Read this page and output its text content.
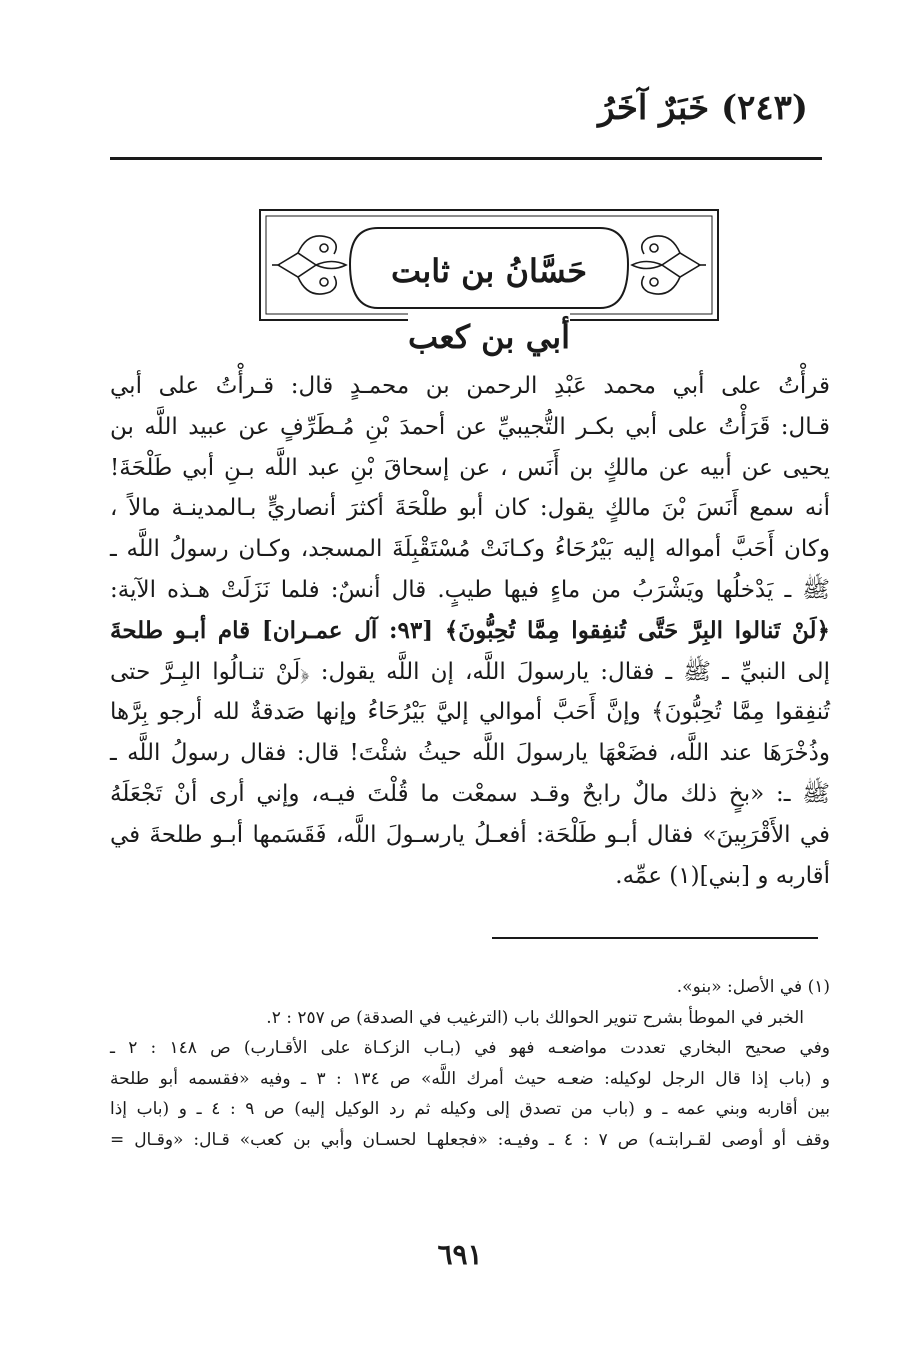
(٢٤٣) خَبَرٌ آخَرُ
حَسَّانُ بن ثابت
أبي بن كعب
قرأْتُ على أبي محمد عَبْدِ الرحمن بن محمـدٍ قال: قـرأْتُ على أبي
قـال: قَرَأْتُ على أبي بكـر التُّجيبيِّ عن أحمدَ بْنِ مُـطَرِّفٍ عن عبيد اللَّه بن
يحيى عن أبيه عن مالكٍ بن أَنَس ، عن إسحاقَ بْنِ عبد اللَّه بـنِ أبي طَلْحَةَ!
أنه سمع أَنَسَ بْنَ مالكٍ يقول: كان أبو طلْحَةَ أكثرَ أنصاريٍّ بـالمدينـة مالاً ،
وكان أَحَبَّ أمواله إليه بَيْرُحَاءُ وكـانَتْ مُسْتَقْبِلَةَ المسجد، وكـان رسولُ اللَّه ـ
ﷺ ـ يَدْخلُها ويَشْرَبُ من ماءٍ فيها طيبٍ. قال أنسٌ: فلما نَزَلَتْ هـذه الآية:
﴿لَنْ تَنالوا البِرَّ حَتَّى تُنفِقوا مِمَّا تُحِبُّونَ﴾ [٩٣: آل عمـران] قام أبـو طلحةَ
إلى النبيِّ ـ ﷺ ـ فقال: يارسولَ اللَّه، إن اللَّه يقول: ﴿لَنْ تنـالُوا البِـرَّ حتى
تُنفِقوا مِمَّا تُحِبُّونَ﴾ وإنَّ أَحَبَّ أموالي إليَّ بَيْرُحَاءُ وإنها صَدقةٌ لله أرجو بِرَّها
وذُخْرَهَا عند اللَّه، فضَعْهَا يارسولَ اللَّه حيثُ شئْتَ! قال: فقال رسولُ اللَّه ـ
ﷺ ـ: «بخٍ ذلك مالٌ رابحٌ وقـد سمعْت ما قُلْتَ فيـه، وإني أرى أنْ تَجْعَلَهُ
في الأَقْرَبِينَ» فقال أبـو طَلْحَة: أفعـلُ يارسـولَ اللَّه، فَقَسَمها أبـو طلحةَ في
أقاربه و [بني](١) عمِّه.
(١) في الأصل: «بنو».
الخبر في الموطأ بشرح تنوير الحوالك باب (الترغيب في الصدقة) ص ٢٥٧ : ٢.
وفي صحيح البخاري تعددت مواضعـه فهو في (بـاب الزكـاة على الأقـارب) ص ١٤٨ : ٢ ـ
و (باب إذا قال الرجل لوكيله: ضعـه حيث أمرك اللَّه» ص ١٣٤ : ٣ ـ وفيه «فقسمه أبو طلحة
بين أقاربه وبني عمه ـ و (باب من تصدق إلى وكيله ثم رد الوكيل إليه) ص ٩ : ٤ ـ و (باب إذا
وقف أو أوصى لقـرابتـه) ص ٧ : ٤ ـ وفيـه: «فجعلهـا لحسـان وأبي بن كعب» قـال: «وقـال =
٦٩١
